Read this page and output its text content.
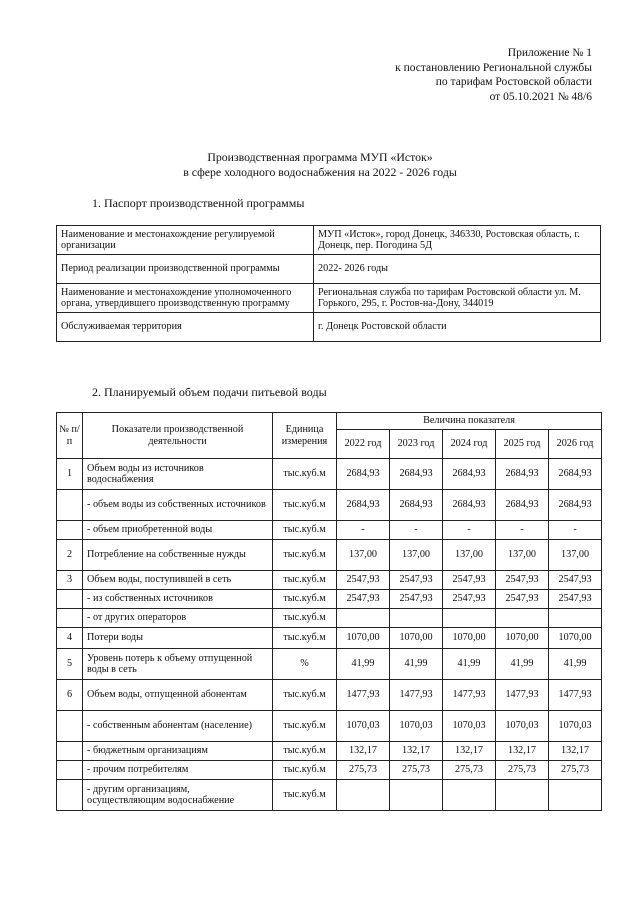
Приложение № 1
к постановлению Региональной службы
по тарифам Ростовской области
от 05.10.2021 № 48/6
Производственная программа МУП «Исток»
в сфере холодного водоснабжения на 2022 - 2026 годы
1. Паспорт производственной программы
Наименование и местонахождение регулируемой организации	МУП «Исток», город Донецк, 346330, Ростовская область, г. Донецк, пер. Погодина 5Д
Период реализации производственной программы	2022- 2026 годы
Наименование и местонахождение уполномоченного органа, утвердившего производственную программу	Региональная служба по тарифам Ростовской области ул. М. Горького, 295, г. Ростов-на-Дону, 344019
Обслуживаемая территория	г. Донецк Ростовской области
2. Планируемый объем подачи питьевой воды
№ п/п	Показатели производственной деятельности	Единица измерения	Величина показателя				
			2022 год	2023 год	2024 год	2025 год	2026 год
1	Объем воды из источников водоснабжения	тыс.куб.м	2684,93	2684,93	2684,93	2684,93	2684,93
	- объем воды из собственных источников	тыс.куб.м	2684,93	2684,93	2684,93	2684,93	2684,93
	- объем приобретенной воды	тыс.куб.м	-	-	-	-	-
2	Потребление на собственные нужды	тыс.куб.м	137,00	137,00	137,00	137,00	137,00
3	Объем воды, поступившей в сеть	тыс.куб.м	2547,93	2547,93	2547,93	2547,93	2547,93
	- из собственных источников	тыс.куб.м	2547,93	2547,93	2547,93	2547,93	2547,93
	- от других операторов	тыс.куб.м					
4	Потери воды	тыс.куб.м	1070,00	1070,00	1070,00	1070,00	1070,00
5	Уровень потерь к объему отпущенной воды в сеть	%	41,99	41,99	41,99	41,99	41,99
6	Объем воды, отпущенной абонентам	тыс.куб.м	1477,93	1477,93	1477,93	1477,93	1477,93
	- собственным абонентам (население)	тыс.куб.м	1070,03	1070,03	1070,03	1070,03	1070,03
	- бюджетным организациям	тыс.куб.м	132,17	132,17	132,17	132,17	132,17
	- прочим потребителям	тыс.куб.м	275,73	275,73	275,73	275,73	275,73
	- другим организациям, осуществляющим водоснабжение	тыс.куб.м					
